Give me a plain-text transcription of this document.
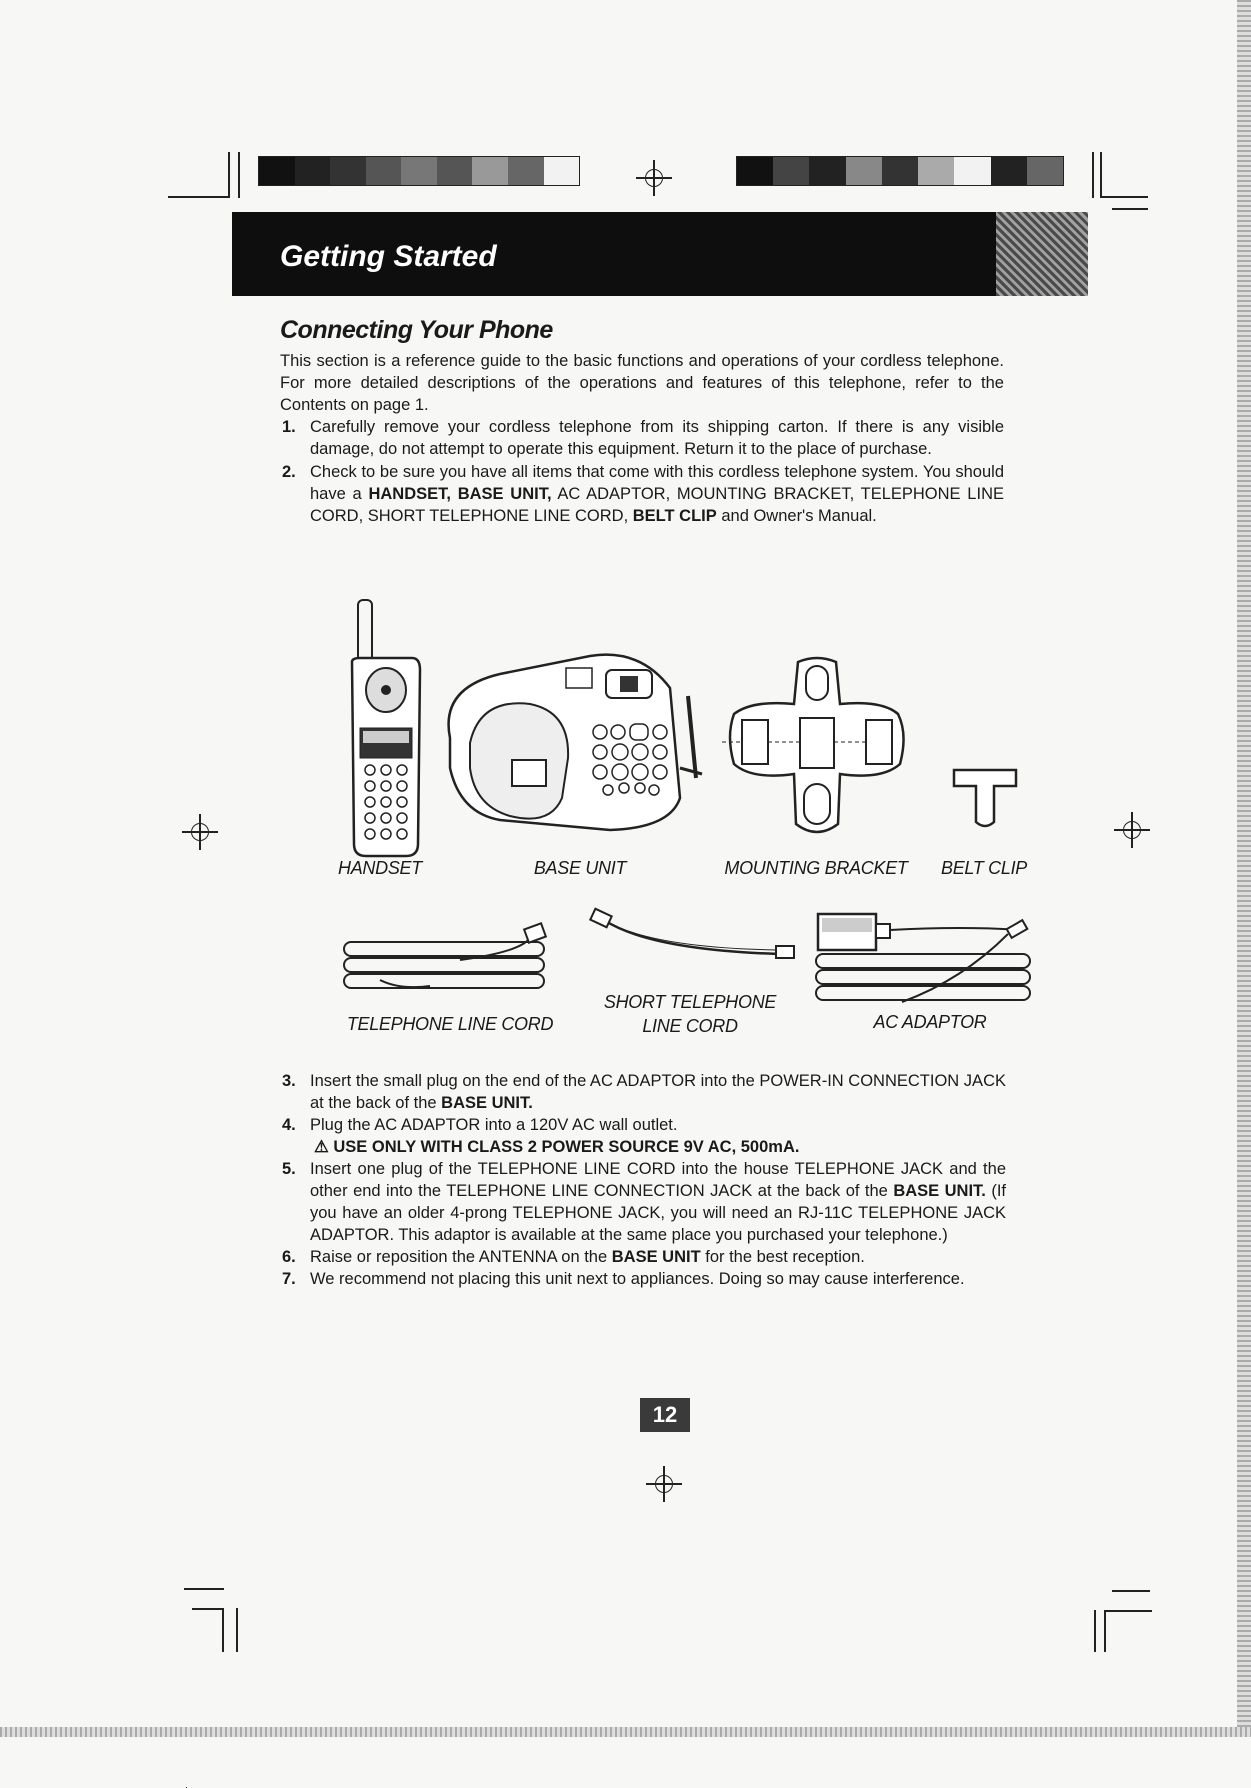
Getting Started
Connecting Your Phone
This section is a reference guide to the basic functions and operations of your cordless telephone. For more detailed descriptions of the operations and features of this telephone, refer to the Contents on page 1.
1. Carefully remove your cordless telephone from its shipping carton. If there is any visible damage, do not attempt to operate this equipment. Return it to the place of purchase.
2. Check to be sure you have all items that come with this cordless telephone system. You should have a HANDSET, BASE UNIT, AC ADAPTOR, MOUNTING BRACKET, TELEPHONE LINE CORD, SHORT TELEPHONE LINE CORD, BELT CLIP and Owner's Manual.
HANDSET	BASE UNIT	MOUNTING BRACKET	BELT CLIP
TELEPHONE LINE CORD
SHORT TELEPHONE
LINE CORD	AC ADAPTOR
3. Insert the small plug on the end of the AC ADAPTOR into the POWER-IN CONNECTION JACK at the back of the BASE UNIT.
4. Plug the AC ADAPTOR into a 120V AC wall outlet.
⚠ USE ONLY WITH CLASS 2 POWER SOURCE 9V AC, 500mA.
5. Insert one plug of the TELEPHONE LINE CORD into the house TELEPHONE JACK and the other end into the TELEPHONE LINE CONNECTION JACK at the back of the BASE UNIT. (If you have an older 4-prong TELEPHONE JACK, you will need an RJ-11C TELEPHONE JACK ADAPTOR. This adaptor is available at the same place you purchased your telephone.)
6. Raise or reposition the ANTENNA on the BASE UNIT for the best reception.
7. We recommend not placing this unit next to appliances. Doing so may cause interference.
12
